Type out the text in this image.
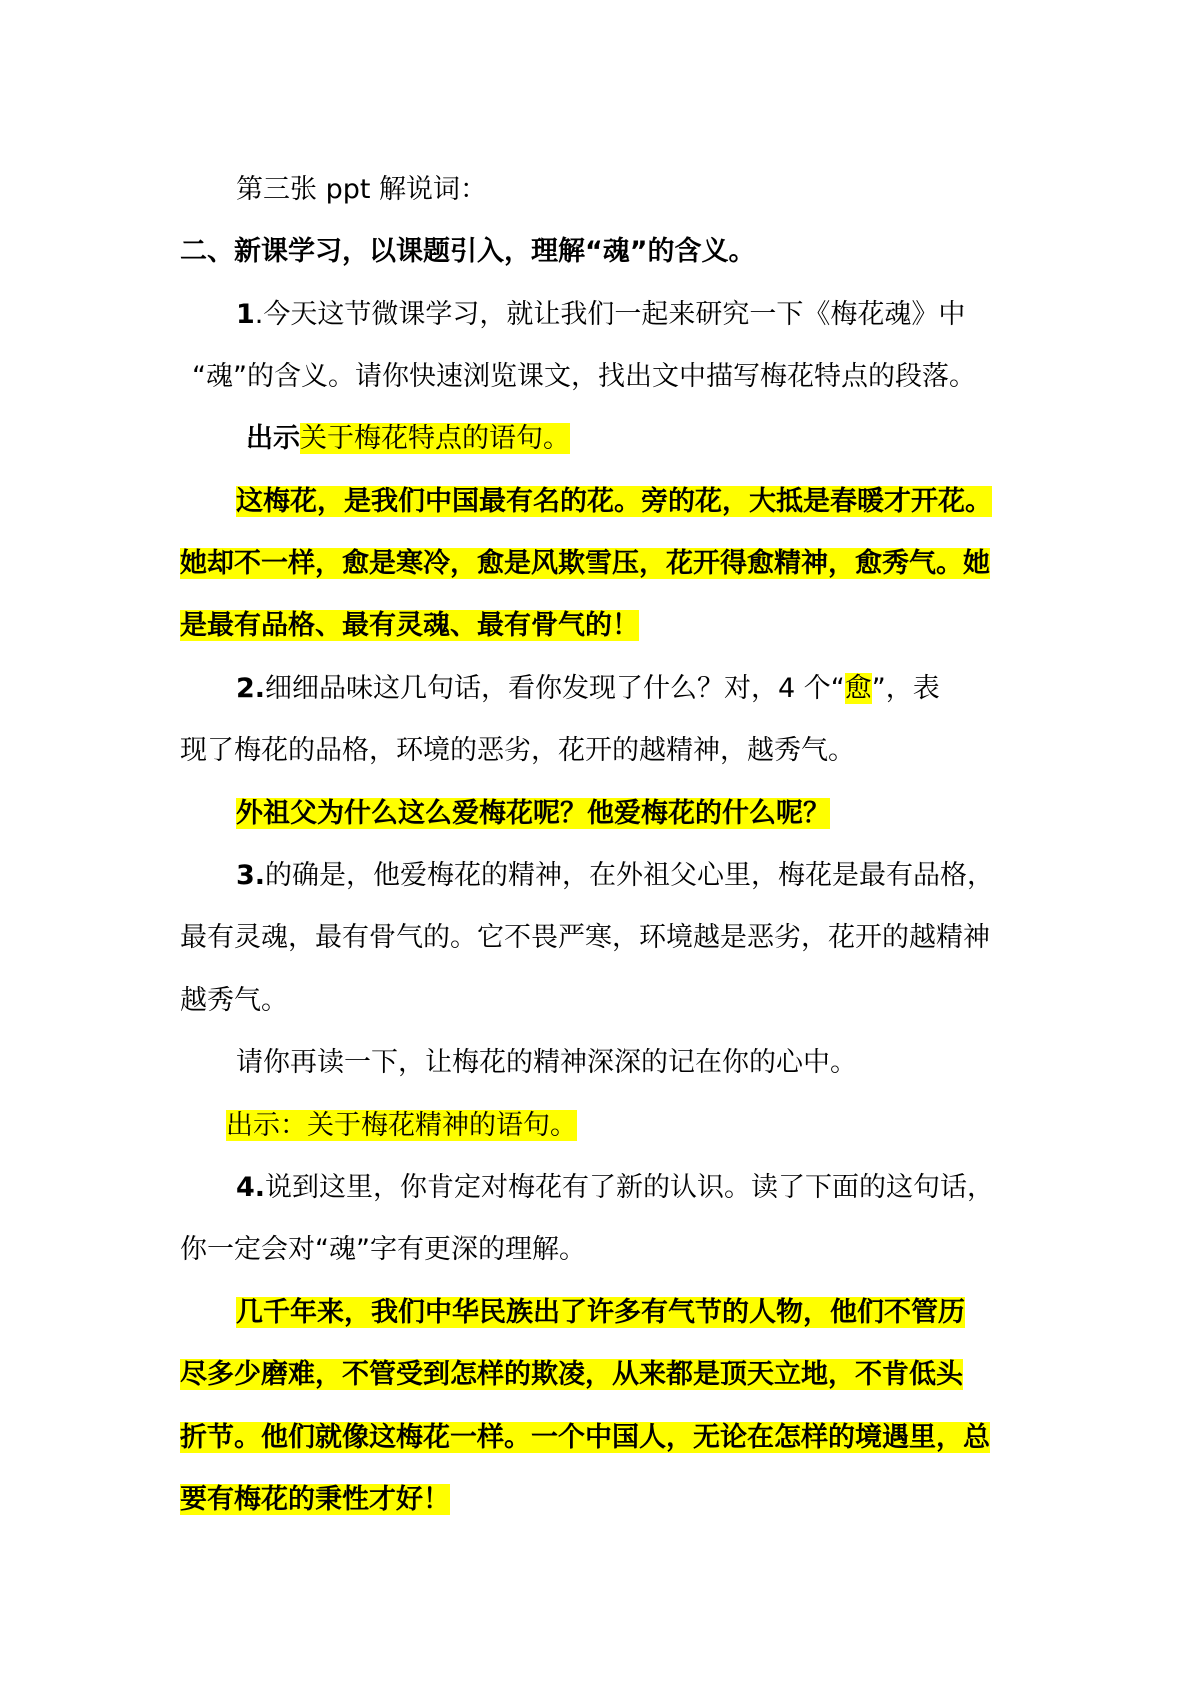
第三张 ppt 解说词：
二、新课学习，以课题引入，理解“魂”的含义。
1.今天这节微课学习，就让我们一起来研究一下《梅花魂》中
“魂”的含义。请你快速浏览课文，找出文中描写梅花特点的段落。
出示关于梅花特点的语句。
这梅花，是我们中国最有名的花。旁的花，大抵是春暖才开花。
她却不一样，愈是寒冷，愈是风欺雪压，花开得愈精神，愈秀气。她
是最有品格、最有灵魂、最有骨气的！
2.细细品味这几句话，看你发现了什么？对，4 个“愈”，表
现了梅花的品格，环境的恶劣，花开的越精神，越秀气。
外祖父为什么这么爱梅花呢？他爱梅花的什么呢？
3.的确是，他爱梅花的精神，在外祖父心里，梅花是最有品格，
最有灵魂，最有骨气的。它不畏严寒，环境越是恶劣，花开的越精神
越秀气。
请你再读一下，让梅花的精神深深的记在你的心中。
出示：关于梅花精神的语句。
4.说到这里，你肯定对梅花有了新的认识。读了下面的这句话，
你一定会对“魂”字有更深的理解。
几千年来，我们中华民族出了许多有气节的人物，他们不管历
尽多少磨难，不管受到怎样的欺凌，从来都是顶天立地，不肯低头
折节。他们就像这梅花一样。一个中国人，无论在怎样的境遇里，总
要有梅花的秉性才好！
